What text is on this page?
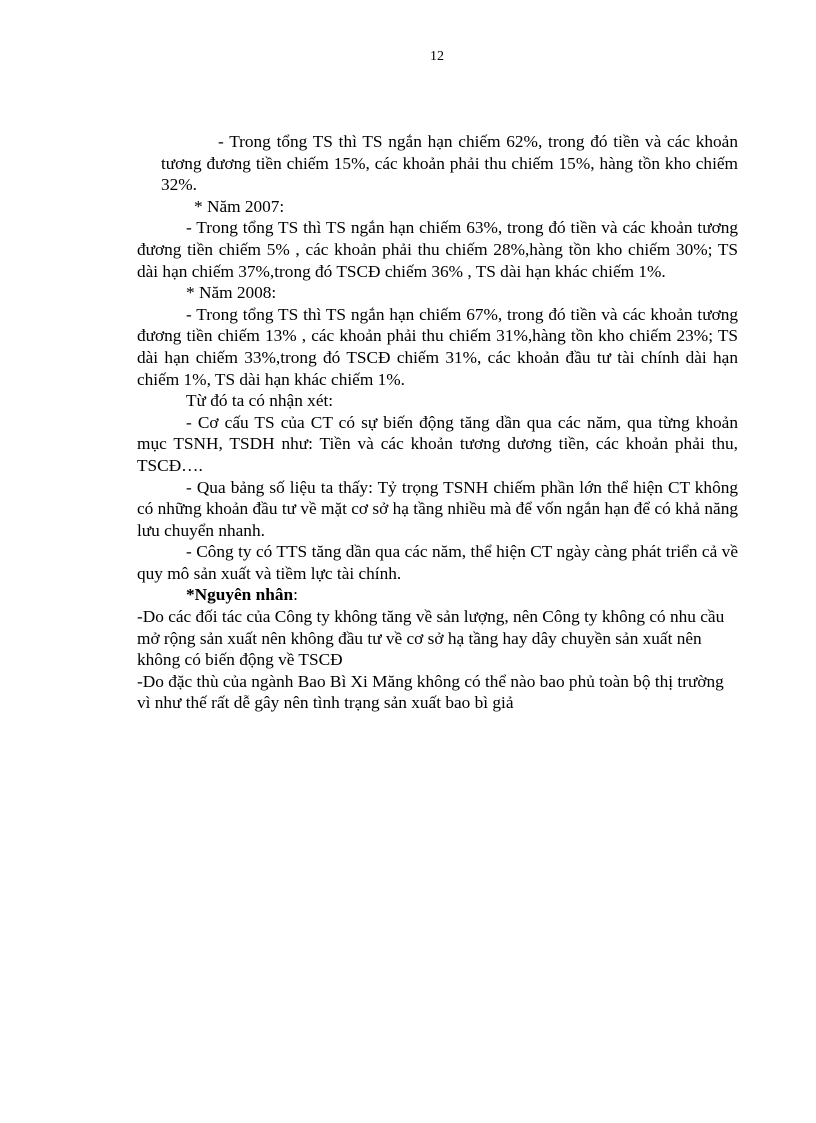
12

- Trong tổng TS thì TS ngắn hạn chiếm 62%, trong đó tiền và các khoản tương đương tiền chiếm 15%, các khoản phải thu chiếm 15%, hàng tồn kho chiếm 32%.

* Năm 2007:

- Trong tổng TS thì TS ngắn hạn chiếm 63%, trong đó tiền và các khoản tương đương tiền chiếm 5% , các khoản phải thu chiếm 28%,hàng tồn kho chiếm 30%; TS dài hạn chiếm 37%,trong đó TSCĐ chiếm 36% , TS dài hạn khác chiếm 1%.

* Năm 2008:

- Trong tổng TS thì TS ngắn hạn chiếm 67%, trong đó tiền và các khoản tương đương tiền chiếm 13% , các khoản phải thu chiếm 31%,hàng tồn kho chiếm 23%; TS dài hạn chiếm 33%,trong đó TSCĐ chiếm 31%, các khoản đầu tư tài chính dài hạn chiếm 1%, TS dài hạn khác chiếm 1%.

Từ đó ta có nhận xét:

- Cơ cấu TS của CT có sự biến động tăng dần qua các năm, qua từng khoản mục TSNH, TSDH như: Tiền và các khoản tương dương tiền, các khoản phải thu, TSCĐ….

- Qua bảng số liệu ta thấy: Tỷ trọng TSNH chiếm phần lớn thể hiện CT không có những khoản đầu tư về mặt cơ sở hạ tầng nhiều mà để vốn ngắn hạn để có khả năng lưu chuyển nhanh.

- Công ty có TTS tăng dần qua các năm, thể hiện CT ngày càng phát triển cả về quy mô sản xuất và tiềm lực tài chính.

*Nguyên nhân:

-Do các đối tác của Công ty không tăng về sản lượng, nên Công ty không có nhu cầu mở rộng sản xuất nên không đầu tư về cơ sở hạ tầng hay dây chuyền sản xuất nên không có biến động về TSCĐ

-Do đặc thù của ngành Bao Bì Xi Măng không có thể nào bao phủ toàn bộ thị trường vì như thế rất dễ gây nên tình trạng sản xuất bao bì giả
